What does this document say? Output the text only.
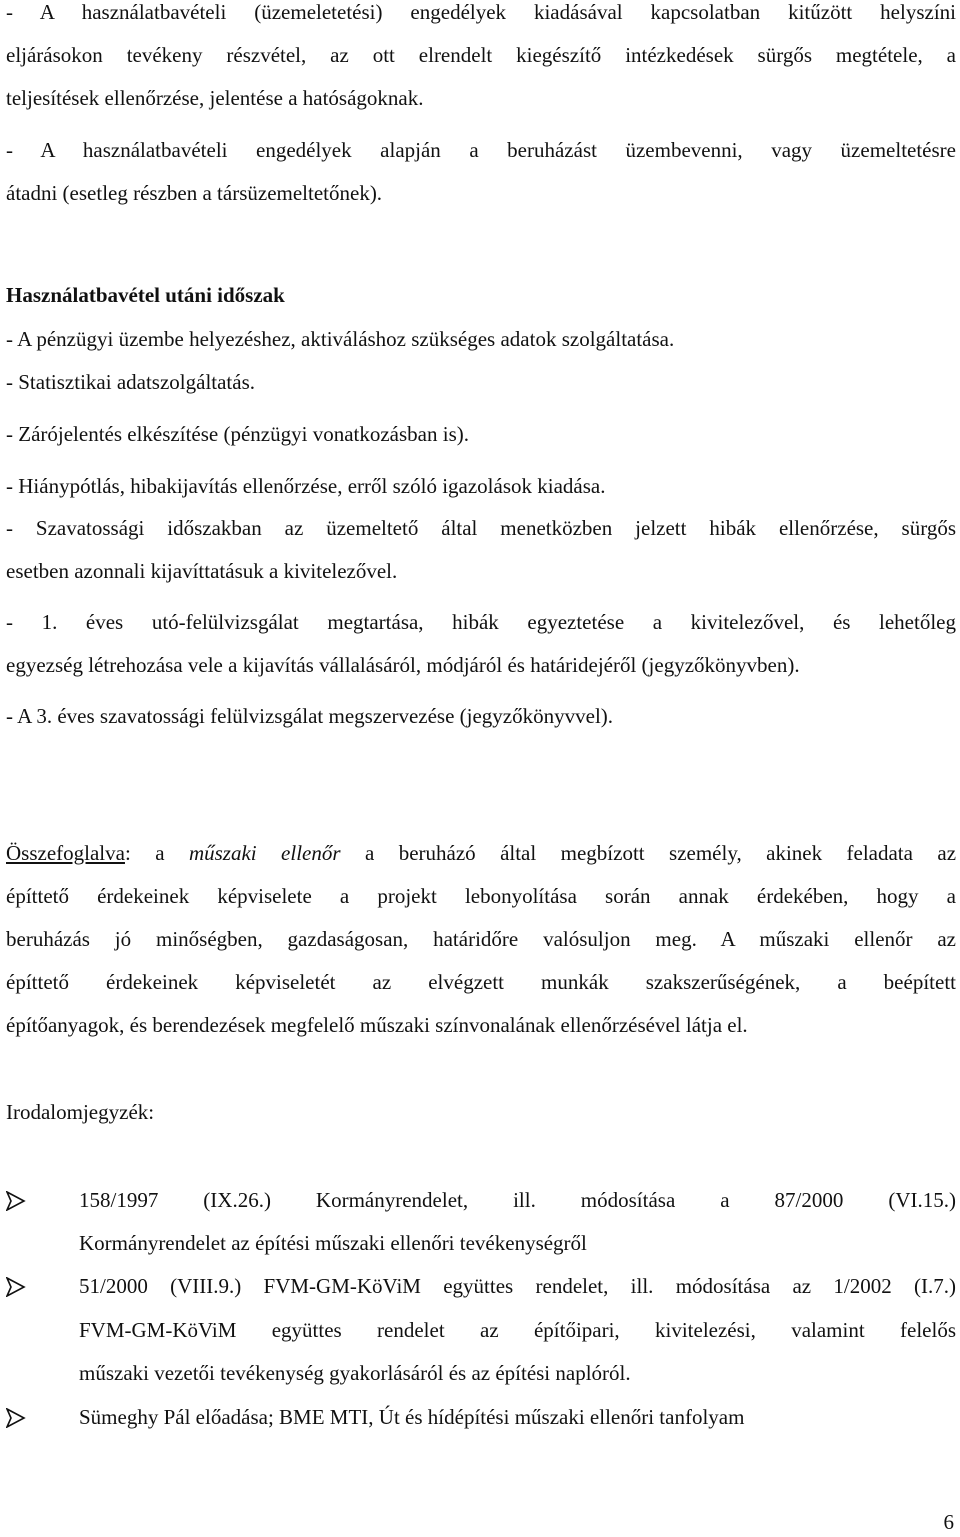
- A használatbavételi (üzemeletetési) engedélyek kiadásával kapcsolatban kitűzött helyszíni
eljárásokon tevékeny részvétel, az ott elrendelt kiegészítő intézkedések sürgős megtétele, a
teljesítések ellenőrzése, jelentése a hatóságoknak.
- A használatbavételi engedélyek alapján a beruházást üzembevenni, vagy üzemeltetésre
átadni (esetleg részben a társüzemeltetőnek).
Használatbavétel utáni időszak
- A pénzügyi üzembe helyezéshez, aktiváláshoz szükséges adatok szolgáltatása.
- Statisztikai adatszolgáltatás.
- Zárójelentés elkészítése (pénzügyi vonatkozásban is).
- Hiánypótlás, hibakijavítás ellenőrzése, erről szóló igazolások kiadása.
- Szavatossági időszakban az üzemeltető által menetközben jelzett hibák ellenőrzése, sürgős
esetben azonnali kijavíttatásuk a kivitelezővel.
- 1. éves utó-felülvizsgálat megtartása, hibák egyeztetése a kivitelezővel, és lehetőleg
egyezség létrehozása vele a kijavítás vállalásáról, módjáról és határidejéről (jegyzőkönyvben).
- A 3. éves szavatossági felülvizsgálat megszervezése (jegyzőkönyvvel).
Összefoglalva: a műszaki ellenőr a beruházó által megbízott személy, akinek feladata az
építtető érdekeinek képviselete a projekt lebonyolítása során annak érdekében, hogy a
beruházás jó minőségben, gazdaságosan, határidőre valósuljon meg. A műszaki ellenőr az
építtető érdekeinek képviseletét az elvégzett munkák szakszerűségének, a beépített
építőanyagok, és berendezések megfelelő műszaki színvonalának ellenőrzésével látja el.
Irodalomjegyzék:
158/1997 (IX.26.) Kormányrendelet, ill. módosítása a 87/2000 (VI.15.)
Kormányrendelet az építési műszaki ellenőri tevékenységről
51/2000 (VIII.9.) FVM-GM-KöViM együttes rendelet, ill. módosítása az 1/2002 (I.7.)
FVM-GM-KöViM együttes rendelet az építőipari, kivitelezési, valamint felelős
műszaki vezetői tevékenység gyakorlásáról és az építési naplóról.
Sümeghy Pál előadása; BME MTI, Út és hídépítési műszaki ellenőri tanfolyam
6
